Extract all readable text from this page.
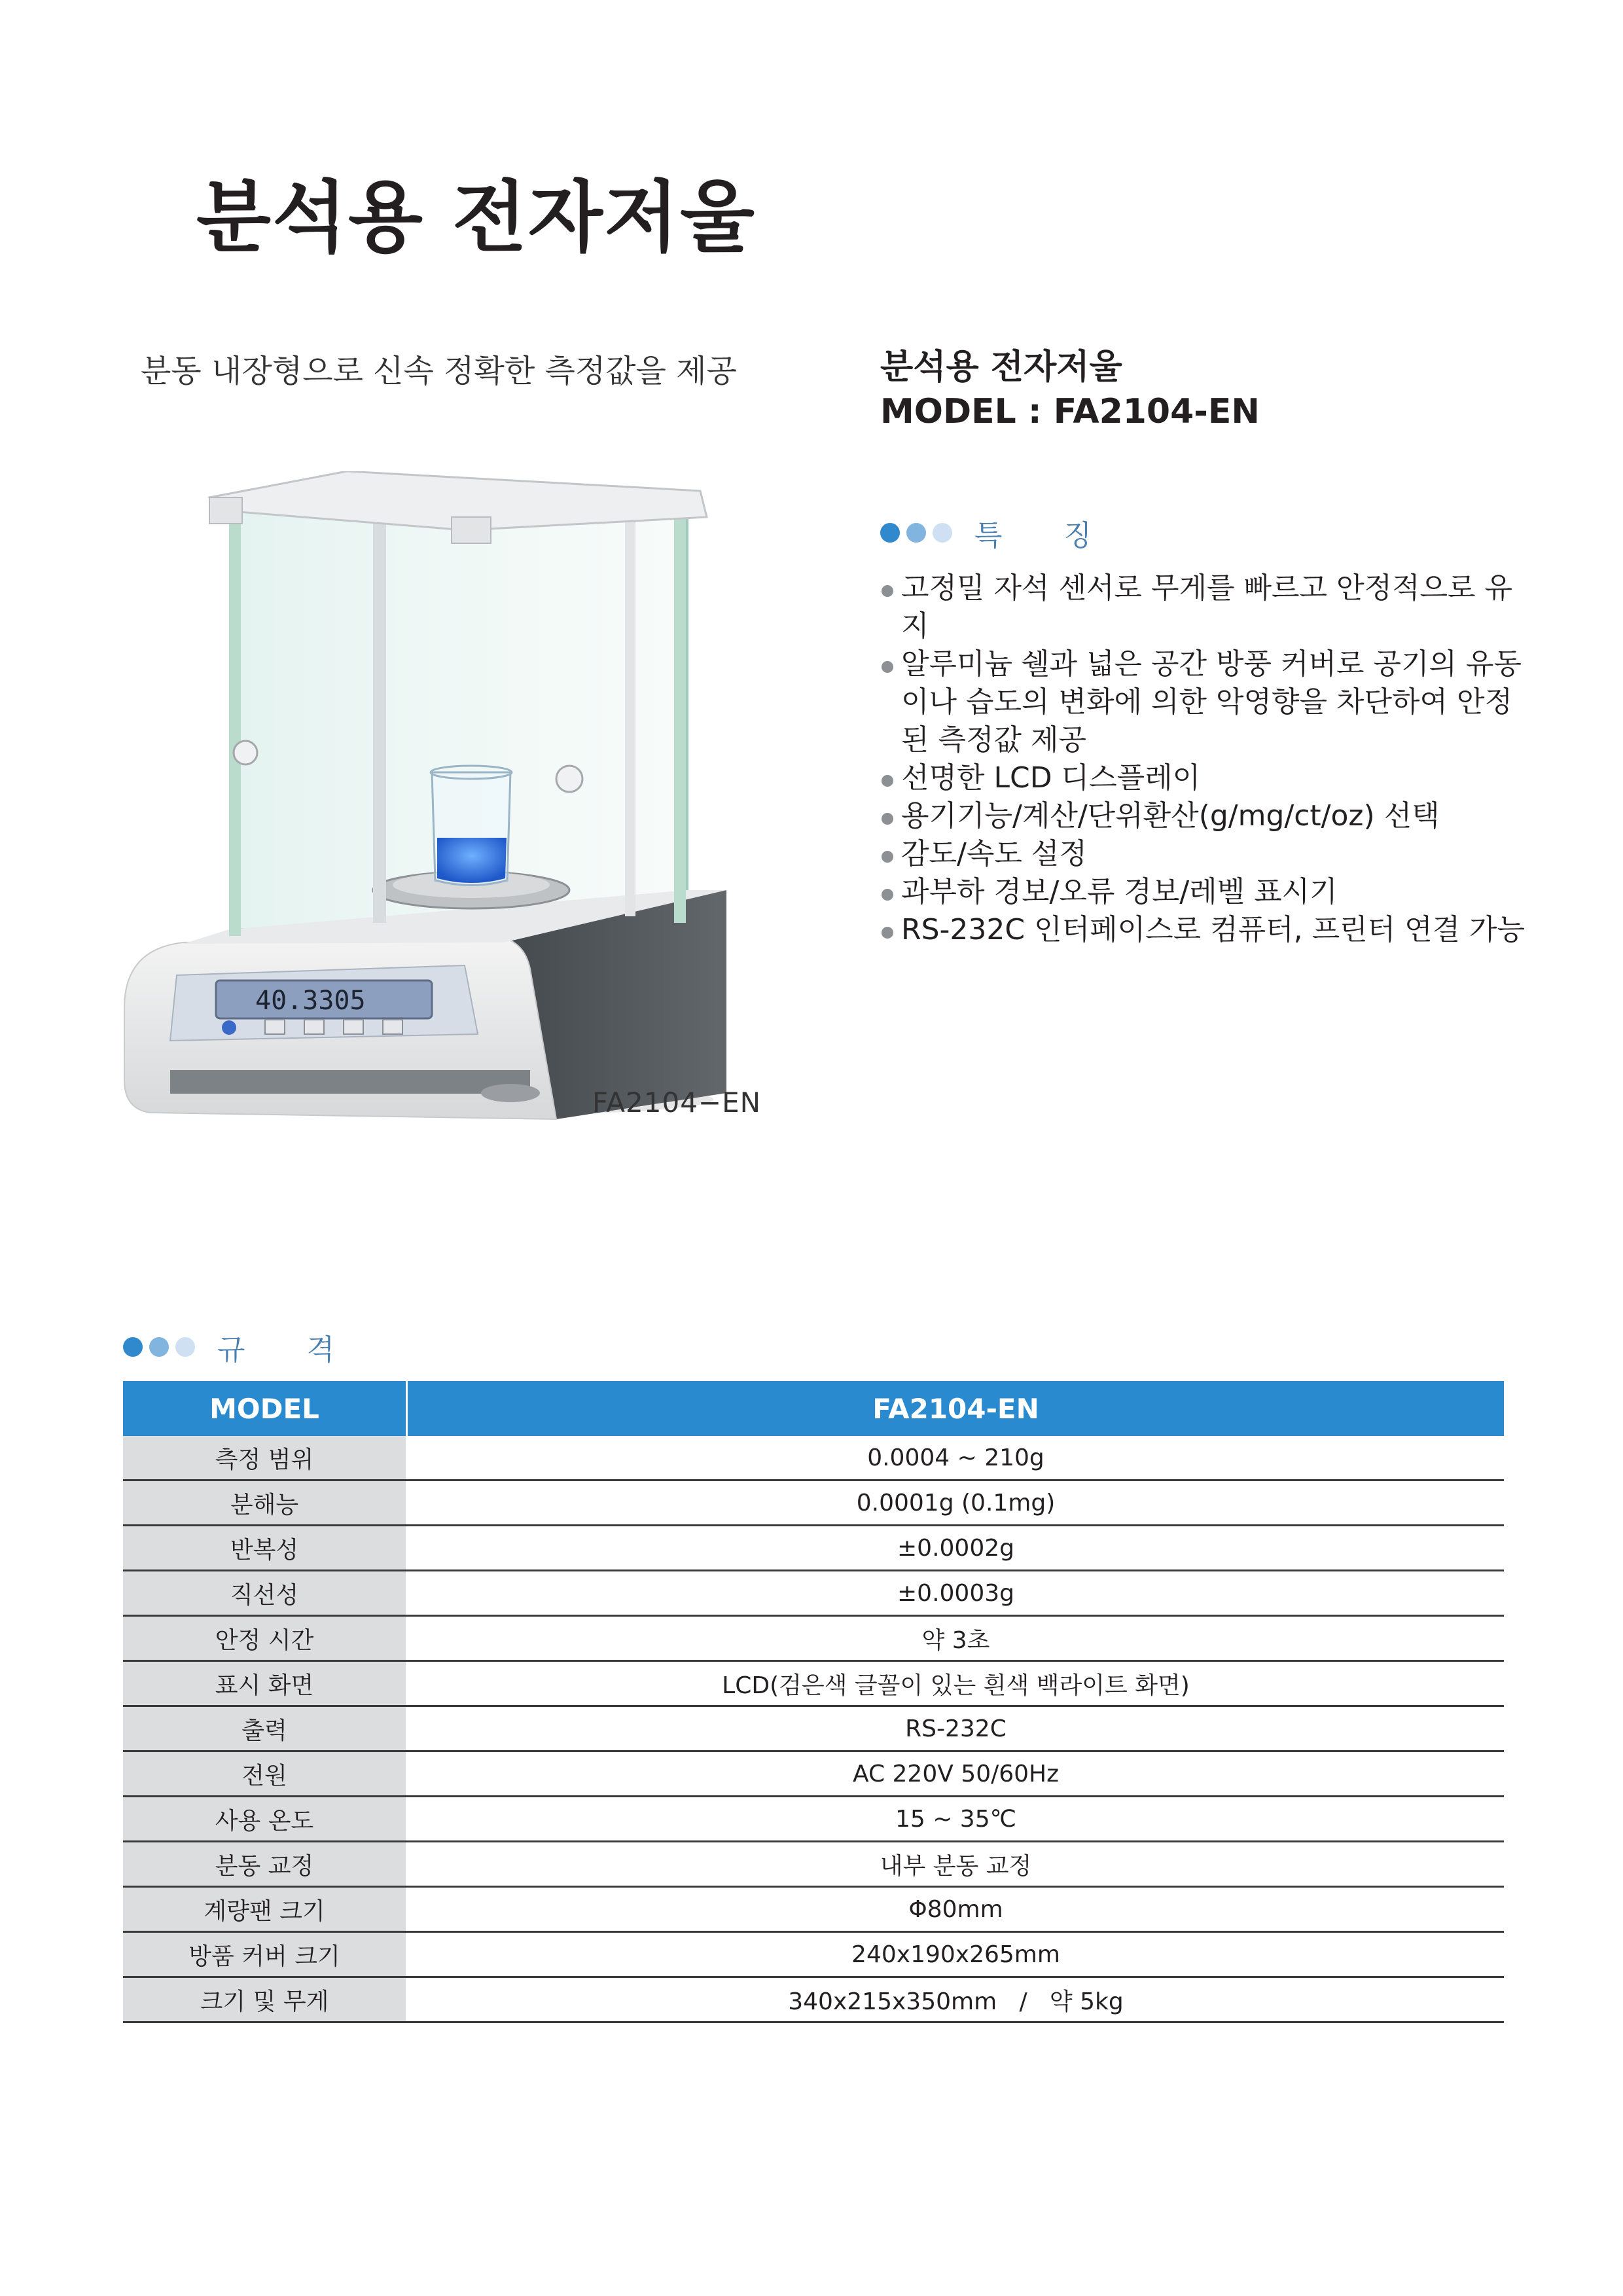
분석용 전자저울
분동 내장형으로 신속 정확한 측정값을 제공	분석용 전자저울
MODEL : FA2104-EN
특 징
고정밀 자석 센서로 무게를 빠르고 안정적으로 유지
알루미늄 쉘과 넓은 공간 방풍 커버로 공기의 유동이나 습도의 변화에 의한 악영향을 차단하여 안정된 측정값 제공
선명한 LCD 디스플레이
용기기능/계산/단위환산(g/mg/ct/oz) 선택
감도/속도 설정
과부하 경보/오류 경보/레벨 표시기
RS-232C 인터페이스로 컴퓨터, 프린터 연결 가능
40.3305
FA2104−EN
규 격
MODEL	FA2104-EN
측정 범위	0.0004 ~ 210g
분해능	0.0001g (0.1mg)
반복성	±0.0002g
직선성	±0.0003g
안정 시간	약 3초
표시 화면	LCD(검은색 글꼴이 있는 흰색 백라이트 화면)
출력	RS-232C
전원	AC 220V 50/60Hz
사용 온도	15 ~ 35℃
분동 교정	내부 분동 교정
계량팬 크기	Φ80mm
방품 커버 크기	240x190x265mm
크기 및 무게	340x215x350mm   /   약 5kg
